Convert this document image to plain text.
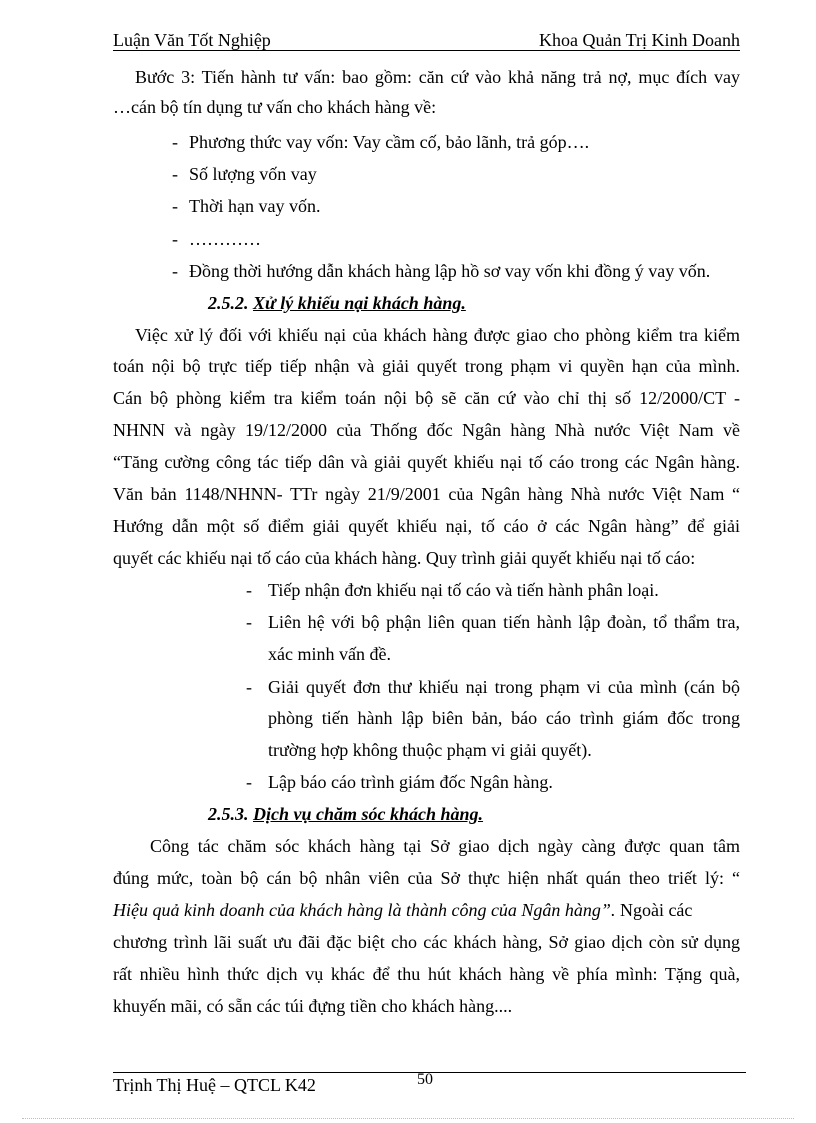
Luận Văn Tốt Nghiệp	Khoa Quản Trị Kinh Doanh
Bước 3: Tiến hành tư vấn: bao gồm: căn cứ vào khả năng trả nợ, mục đích vay
…cán bộ tín dụng tư vấn cho khách hàng về:
- Phương thức vay vốn: Vay cầm cố, bảo lãnh, trả góp….
- Số lượng vốn vay
- Thời hạn vay vốn.
- …………
- Đồng thời hướng dẫn khách hàng lập hồ sơ vay vốn khi đồng ý vay vốn.
2.5.2. Xử lý khiếu nại khách hàng.
Việc xử lý đối với khiếu nại của khách hàng được giao cho phòng kiểm tra kiểm
toán nội bộ trực tiếp tiếp nhận và giải quyết trong phạm vi quyền hạn của mình.
Cán bộ phòng kiểm tra kiểm toán nội bộ sẽ căn cứ vào chỉ thị số 12/2000/CT -
NHNN và ngày 19/12/2000 của Thống đốc Ngân hàng Nhà nước Việt Nam về
“Tăng cường công tác tiếp dân và giải quyết khiếu nại tố cáo trong các Ngân hàng.
Văn bản 1148/NHNN- TTr ngày 21/9/2001 của Ngân hàng Nhà nước Việt Nam “
Hướng dẫn một số điểm giải quyết khiếu nại, tố cáo ở các Ngân hàng” để giải
quyết các khiếu nại tố cáo của khách hàng. Quy trình giải quyết khiếu nại tố cáo:
- Tiếp nhận đơn khiếu nại tố cáo và tiến hành phân loại.
- Liên hệ với bộ phận liên quan tiến hành lập đoàn, tổ thẩm tra,
xác minh vấn đề.
- Giải quyết đơn thư khiếu nại trong phạm vi của mình (cán bộ
phòng tiến hành lập biên bản, báo cáo trình giám đốc trong
trường hợp không thuộc phạm vi giải quyết).
- Lập báo cáo trình giám đốc Ngân hàng.
2.5.3. Dịch vụ chăm sóc khách hàng.
Công tác chăm sóc khách hàng tại Sở giao dịch ngày càng được quan tâm
đúng mức, toàn bộ cán bộ nhân viên của Sở thực hiện nhất quán theo triết lý: “
Hiệu quả kinh doanh của khách hàng là thành công của Ngân hàng”. Ngoài các
chương trình lãi suất ưu đãi đặc biệt cho các khách hàng, Sở giao dịch còn sử dụng
rất nhiều hình thức dịch vụ khác để thu hút khách hàng về phía mình: Tặng quà,
khuyến mãi, có sẵn các túi đựng tiền cho khách hàng....
Trịnh Thị Huệ – QTCL K42	50
